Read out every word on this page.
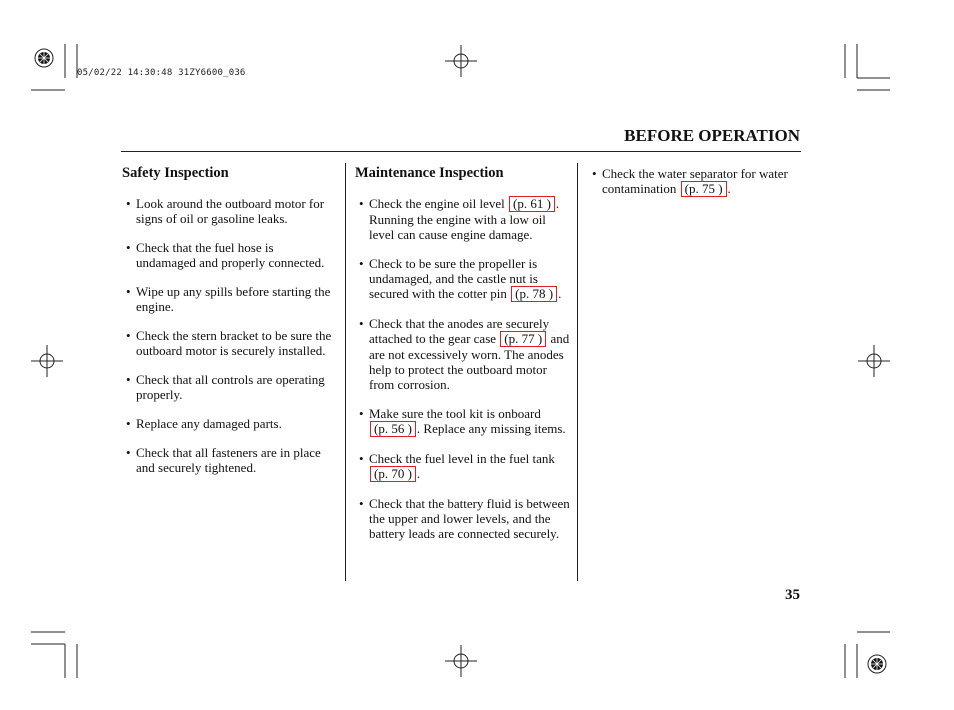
05/02/22 14:30:48 31ZY6600_036
BEFORE OPERATION
Safety Inspection
• Look around the outboard motor for signs of oil or gasoline leaks.
• Check that the fuel hose is undamaged and properly connected.
• Wipe up any spills before starting the engine.
• Check the stern bracket to be sure the outboard motor is securely installed.
• Check that all controls are operating properly.
• Replace any damaged parts.
• Check that all fasteners are in place and securely tightened.
Maintenance Inspection
• Check the engine oil level (p. 61 ) . Running the engine with a low oil level can cause engine damage.
• Check to be sure the propeller is undamaged, and the castle nut is secured with the cotter pin (p. 78 ) .
• Check that the anodes are securely attached to the gear case (p. 77 ) and are not excessively worn. The anodes help to protect the outboard motor from corrosion.
• Make sure the tool kit is onboard (p. 56 ) . Replace any missing items.
• Check the fuel level in the fuel tank (p. 70 ) .
• Check that the battery fluid is between the upper and lower levels, and the battery leads are connected securely.
• Check the water separator for water contamination (p. 75 ) .
35
